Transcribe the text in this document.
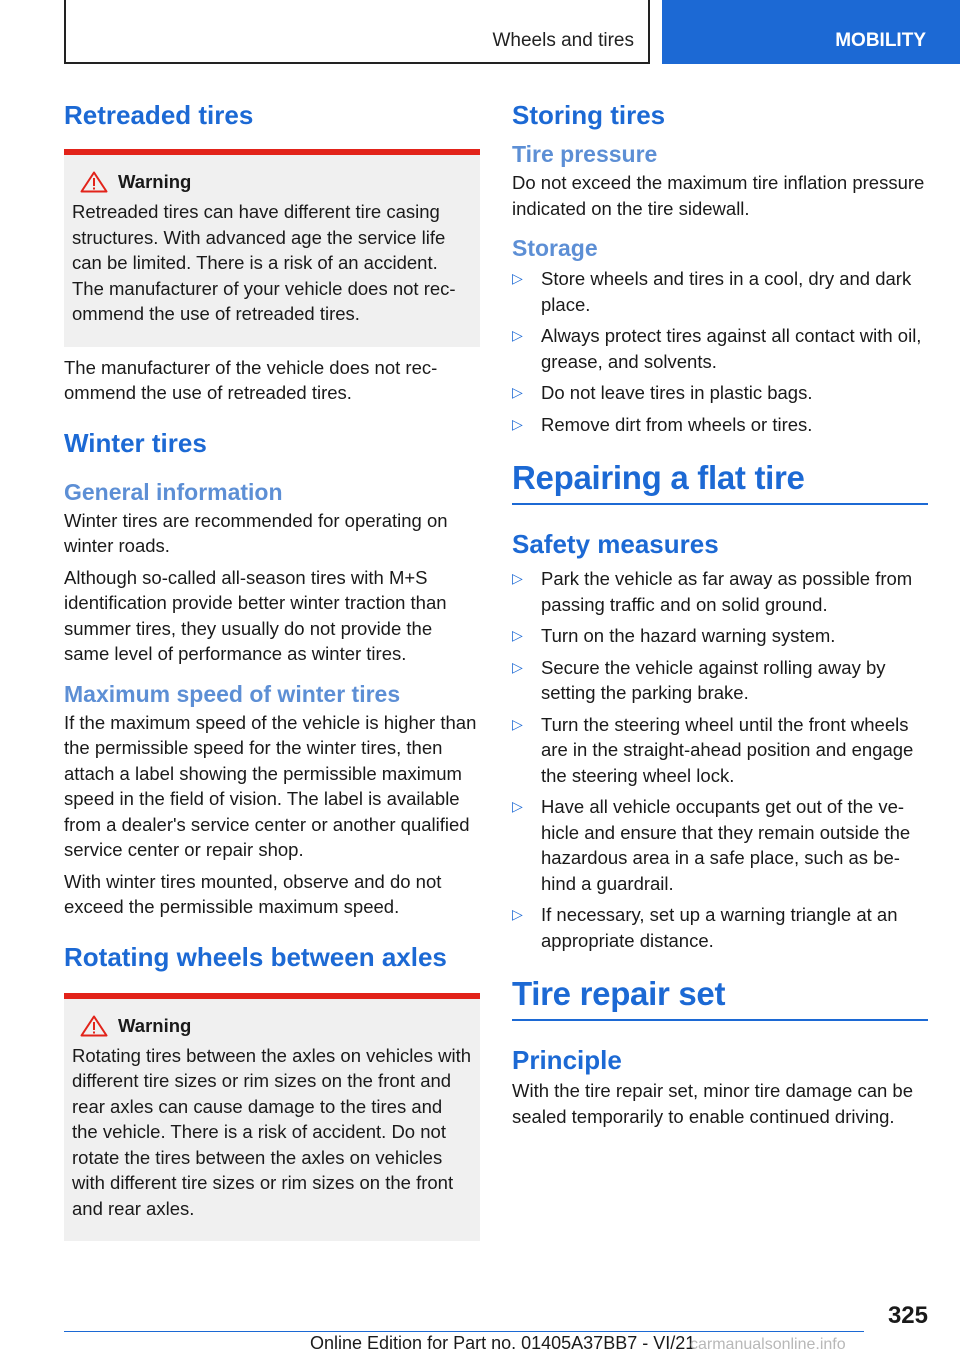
Wheels and tires	MOBILITY
Retreaded tires
Warning

Retreaded tires can have different tire casing structures. With advanced age the service life can be limited. There is a risk of an accident. The manufacturer of your vehicle does not recommend the use of retreaded tires.

The manufacturer of the vehicle does not recommend the use of retreaded tires.

Winter tires
General information

Winter tires are recommended for operating on winter roads.

Although so-called all-season tires with M+S identification provide better winter traction than summer tires, they usually do not provide the same level of performance as winter tires.

Maximum speed of winter tires

If the maximum speed of the vehicle is higher than the permissible speed for the winter tires, then attach a label showing the permissible maximum speed in the field of vision. The label is available from a dealer's service center or another qualified service center or repair shop.

With winter tires mounted, observe and do not exceed the permissible maximum speed.

Rotating wheels between axles
Warning

Rotating tires between the axles on vehicles with different tire sizes or rim sizes on the front and rear axles can cause damage to the tires and the vehicle. There is a risk of accident. Do not rotate the tires between the axles on vehicles with different tire sizes or rim sizes on the front and rear axles.

Storing tires
Tire pressure

Do not exceed the maximum tire inflation pressure indicated on the tire sidewall.

Storage
▷ Store wheels and tires in a cool, dry and dark place.
▷ Always protect tires against all contact with oil, grease, and solvents.
▷ Do not leave tires in plastic bags.
▷ Remove dirt from wheels or tires.
Repairing a flat tire
Safety measures
▷ Park the vehicle as far away as possible from passing traffic and on solid ground.
▷ Turn on the hazard warning system.
▷ Secure the vehicle against rolling away by setting the parking brake.
▷ Turn the steering wheel until the front wheels are in the straight-ahead position and engage the steering wheel lock.
▷ Have all vehicle occupants get out of the vehicle and ensure that they remain outside the hazardous area in a safe place, such as behind a guardrail.
▷ If necessary, set up a warning triangle at an appropriate distance.
Tire repair set
Principle

With the tire repair set, minor tire damage can be sealed temporarily to enable continued driving.

325
Online Edition for Part no. 01405A37BB7 - VI/21
carmanualsonline.info
